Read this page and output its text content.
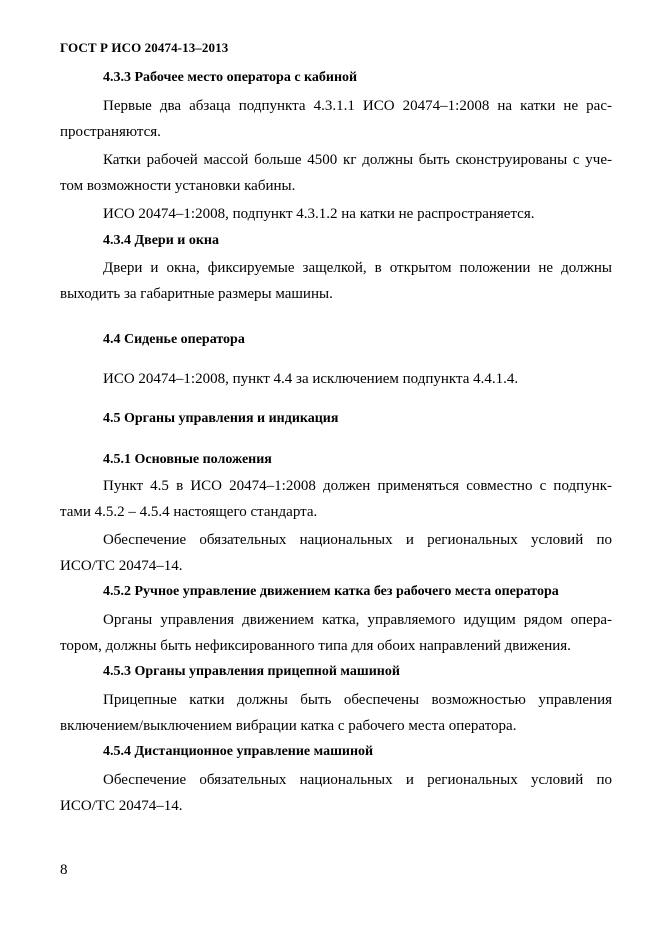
ГОСТ Р ИСО 20474-13–2013
4.3.3 Рабочее место оператора с кабиной
Первые два абзаца подпункта 4.3.1.1 ИСО 20474–1:2008 на катки не рас-
пространяются.
Катки рабочей массой больше 4500 кг должны быть сконструированы с уче-
том возможности установки кабины.
ИСО 20474–1:2008, подпункт 4.3.1.2 на катки не распространяется.
4.3.4 Двери и окна
Двери и окна, фиксируемые защелкой, в открытом положении не должны
выходить за габаритные размеры машины.
4.4 Сиденье оператора
ИСО 20474–1:2008, пункт 4.4 за исключением подпункта 4.4.1.4.
4.5 Органы управления и индикация
4.5.1 Основные положения
Пункт 4.5 в ИСО 20474–1:2008 должен применяться совместно с подпунк-
тами 4.5.2 – 4.5.4 настоящего стандарта.
Обеспечение обязательных национальных и региональных условий по
ИСО/ТС 20474–14.
4.5.2 Ручное управление движением катка без рабочего места оператора
Органы управления движением катка, управляемого идущим рядом опера-
тором, должны быть нефиксированного типа для обоих направлений движения.
4.5.3 Органы управления прицепной машиной
Прицепные катки должны быть обеспечены возможностью управления
включением/выключением вибрации катка с рабочего места оператора.
4.5.4 Дистанционное управление машиной
Обеспечение обязательных национальных и региональных условий по
ИСО/ТС 20474–14.
8
